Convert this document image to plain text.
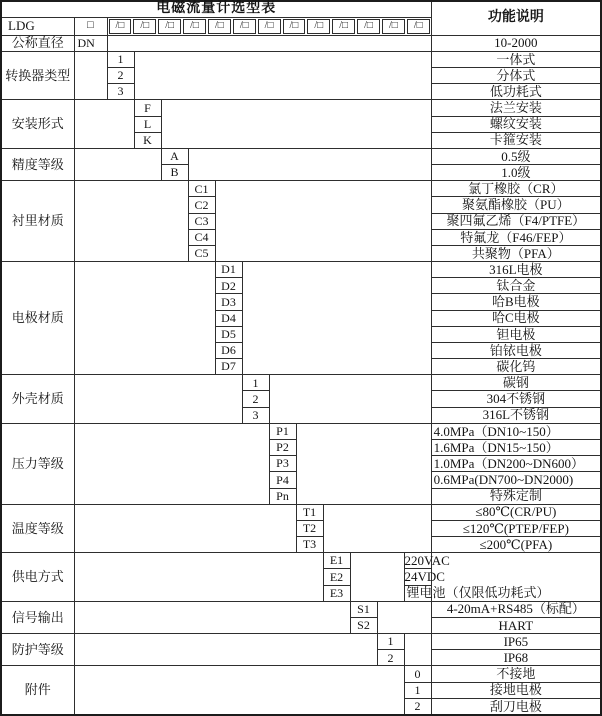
电磁流量计选型表														功能说明
LDG	□	/□	/□	/□	/□	/□	/□	/□	/□	/□	/□	/□	/□	/□

公称直径	DN													10-2000
转换器类型		1												一体式
		2												分体式
		3												低功耗式
安装形式			F											法兰安装
			L											螺纹安装
			K											卡箍安装
精度等级				A										0.5级
				B										1.0级
衬里材质					C1									氯丁橡胶（CR）
					C2									聚氨酯橡胶（PU）
					C3									聚四氟乙烯（F4/PTFE）
					C4									特氟龙（F46/FEP）
					C5									共聚物（PFA）
电极材质						D1								316L电极
						D2								钛合金
						D3								哈B电极
						D4								哈C电极
						D5								钽电极
						D6								铂铱电极
						D7								碳化钨
外壳材质							1							碳钢
							2							304不锈钢
							3							316L不锈钢
压力等级								P1						4.0MPa（DN10~150）
								P2						1.6MPa（DN15~150）
								P3						1.0MPa（DN200~DN600）
								P4						0.6MPa(DN700~DN2000)
								Pn						特殊定制
温度等级									T1					≤80℃(CR/PU)
									T2					≤120℃(PTEP/FEP)
									T3					≤200℃(PFA)
供电方式										E1			220VAC	
										E2			24VDC	
										E3			锂电池（仅限低功耗式）	
信号输出											S1			4-20mA+RS485（标配）
											S2			HART
防护等级												1		IP65
												2		IP68
附件													0	不接地
													1	接地电极
													2	刮刀电极
